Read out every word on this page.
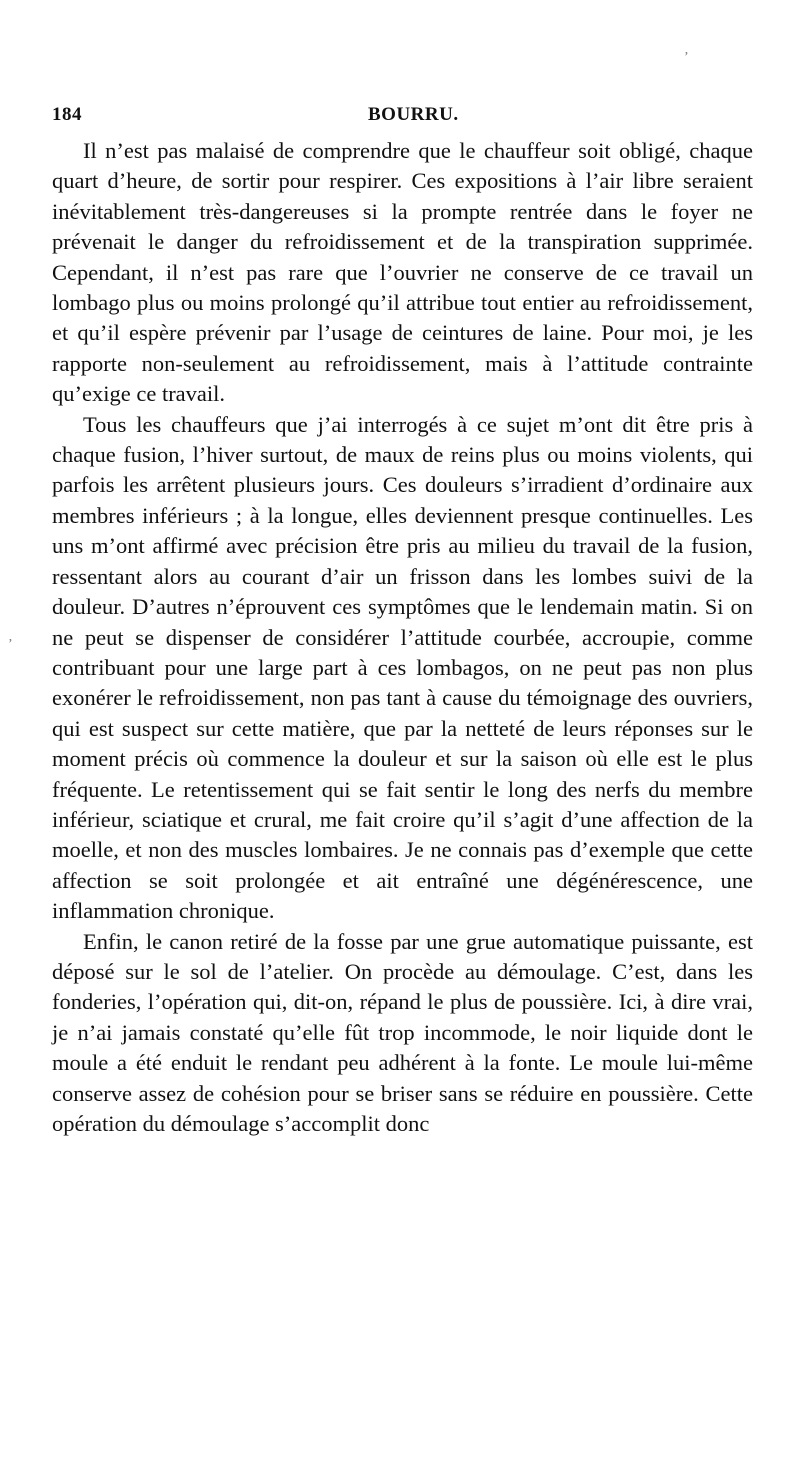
ʼ
ʼ
184	BOURRU.

Il n’est pas malaisé de comprendre que le chauffeur soit obligé, chaque quart d’heure, de sortir pour respirer. Ces expositions à l’air libre seraient inévitablement très-dangereuses si la prompte rentrée dans le foyer ne prévenait le danger du refroidissement et de la transpiration supprimée. Cependant, il n’est pas rare que l’ouvrier ne conserve de ce travail un lombago plus ou moins prolongé qu’il attribue tout entier au refroidissement, et qu’il espère prévenir par l’usage de ceintures de laine. Pour moi, je les rapporte non-seulement au refroidissement, mais à l’attitude contrainte qu’exige ce travail.

Tous les chauffeurs que j’ai interrogés à ce sujet m’ont dit être pris à chaque fusion, l’hiver surtout, de maux de reins plus ou moins violents, qui parfois les arrêtent plusieurs jours. Ces douleurs s’irradient d’ordinaire aux membres inférieurs ; à la longue, elles deviennent presque continuelles. Les uns m’ont affirmé avec précision être pris au milieu du travail de la fusion, ressentant alors au courant d’air un frisson dans les lombes suivi de la douleur. D’autres n’éprouvent ces symptômes que le lendemain matin. Si on ne peut se dispenser de considérer l’attitude courbée, accroupie, comme contribuant pour une large part à ces lombagos, on ne peut pas non plus exonérer le refroidissement, non pas tant à cause du témoignage des ouvriers, qui est suspect sur cette matière, que par la netteté de leurs réponses sur le moment précis où commence la douleur et sur la saison où elle est le plus fréquente. Le retentissement qui se fait sentir le long des nerfs du membre inférieur, sciatique et crural, me fait croire qu’il s’agit d’une affection de la moelle, et non des muscles lombaires. Je ne connais pas d’exemple que cette affection se soit prolongée et ait entraîné une dégénérescence, une inflammation chronique.

Enfin, le canon retiré de la fosse par une grue automatique puissante, est déposé sur le sol de l’atelier. On procède au démoulage. C’est, dans les fonderies, l’opération qui, dit-on, répand le plus de poussière. Ici, à dire vrai, je n’ai jamais constaté qu’elle fût trop incommode, le noir liquide dont le moule a été enduit le rendant peu adhérent à la fonte. Le moule lui-même conserve assez de cohésion pour se briser sans se réduire en poussière. Cette opération du démoulage s’accomplit donc
